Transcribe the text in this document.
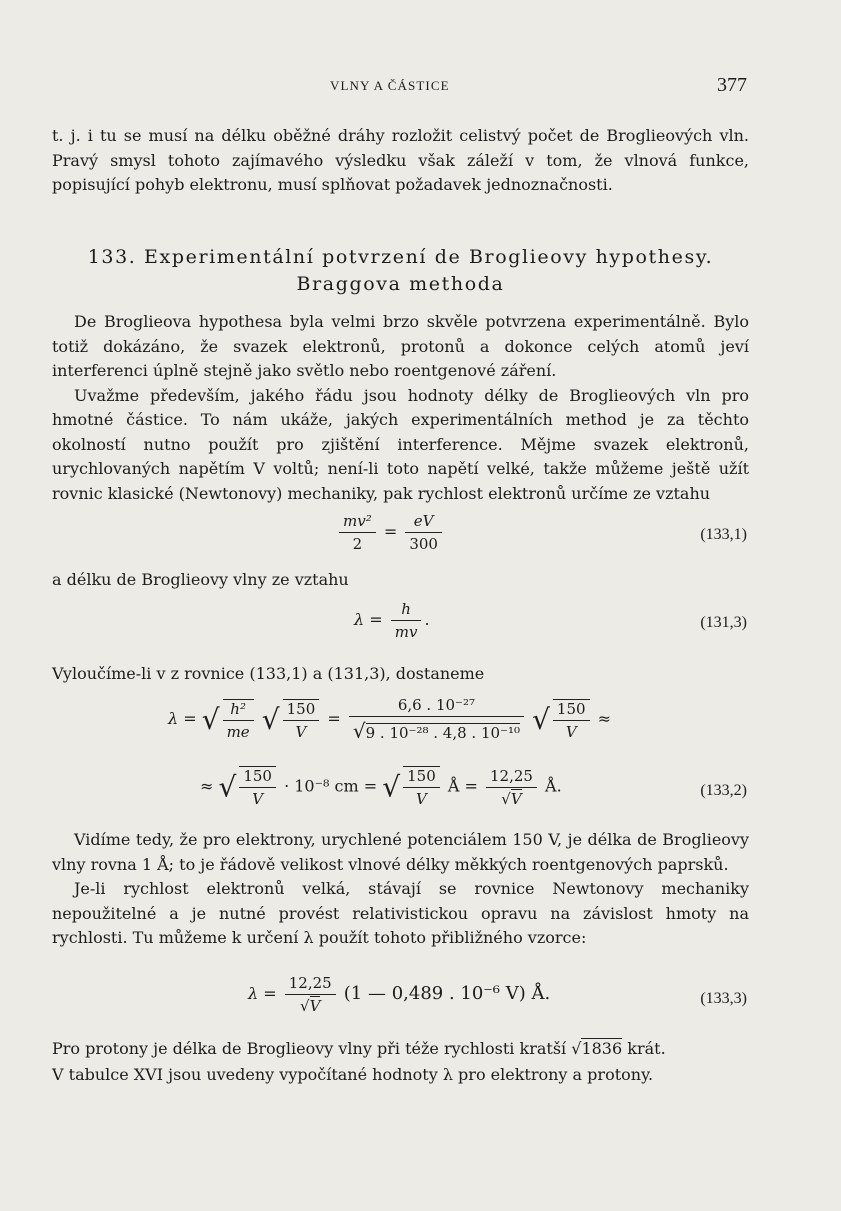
VLNY A ČÁSTICE	377

t. j. i tu se musí na délku oběžné dráhy rozložit celistvý počet de Broglieových vln. Pravý smysl tohoto zajímavého výsledku však záleží v tom, že vlnová funkce, popisující pohyb elektronu, musí splňovat požadavek jednoznačnosti.

133. Experimentální potvrzení de Broglieovy hypothesy.
Braggova methoda

De Broglieova hypothesa byla velmi brzo skvěle potvrzena experimentálně. Bylo totiž dokázáno, že svazek elektronů, protonů a dokonce celých atomů jeví interferenci úplně stejně jako světlo nebo roentgenové záření.

Uvažme především, jakého řádu jsou hodnoty délky de Broglieových vln pro hmotné částice. To nám ukáže, jakých experimentálních method je za těchto okolností nutno použít pro zjištění interference. Mějme svazek elektronů, urychlovaných napětím V voltů; není-li toto napětí velké, takže můžeme ještě užít rovnic klasické (Newtonovy) mechaniky, pak rychlost elektronů určíme ze vztahu

$\frac{\text{mv²}}{2} = \frac{eV}{300}$	(133,1)
a délku de Broglieovy vlny ze vztahu
$\lambda = \frac{h}{mv}$ .	(131,3)
Vyloučíme-li v z rovnice (133,1) a (131,3), dostaneme
λ = √ $\frac{\text{h²}}{me}$ √ $\frac{150}{V} = \frac{\text{6,6 . 10⁻²⁷}}{\text{√9 . 10⁻²⁸ . 4,8 . 10⁻¹⁰}}$ √ $\frac{150}{V}$ ≈
≈ √ $\frac{150}{V} \cdot 10^{-8}$ cm = √ $\frac{150}{V}$ Å = $\frac{12,25}{√V}$ Å.	(133,2)

Vidíme tedy, že pro elektrony, urychlené potenciálem 150 V, je délka de Broglieovy vlny rovna 1 Å; to je řádově velikost vlnové délky měkkých roentgenových paprsků.

Je-li rychlost elektronů velká, stávají se rovnice Newtonovy mechaniky nepoužitelné a je nutné provést relativistickou opravu na závislost hmoty na rychlosti. Tu můžeme k určení λ použít tohoto přibližného vzorce:

$\lambda = \frac{12,25}{√V} (1$ — 0,489 . 10⁻⁶ V) Å.	(133,3)
Pro protony je délka de Broglieovy vlny při téže rychlosti kratší √1836 krát.
V tabulce XVI jsou uvedeny vypočítané hodnoty λ pro elektrony a protony.
